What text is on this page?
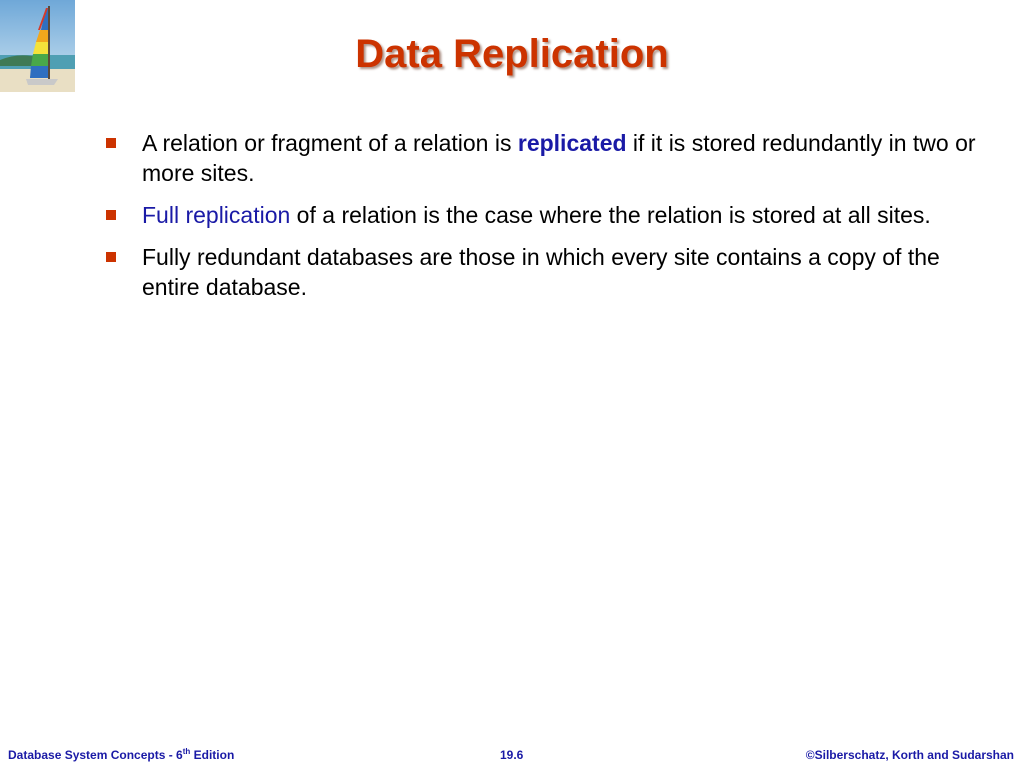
Data Replication
A relation or fragment of a relation is replicated if it is stored redundantly in two or more sites.
Full replication of a relation is the case where the relation is stored at all sites.
Fully redundant databases are those in which every site contains a copy of the entire database.
Database System Concepts - 6th Edition	19.6	©Silberschatz, Korth and Sudarshan
